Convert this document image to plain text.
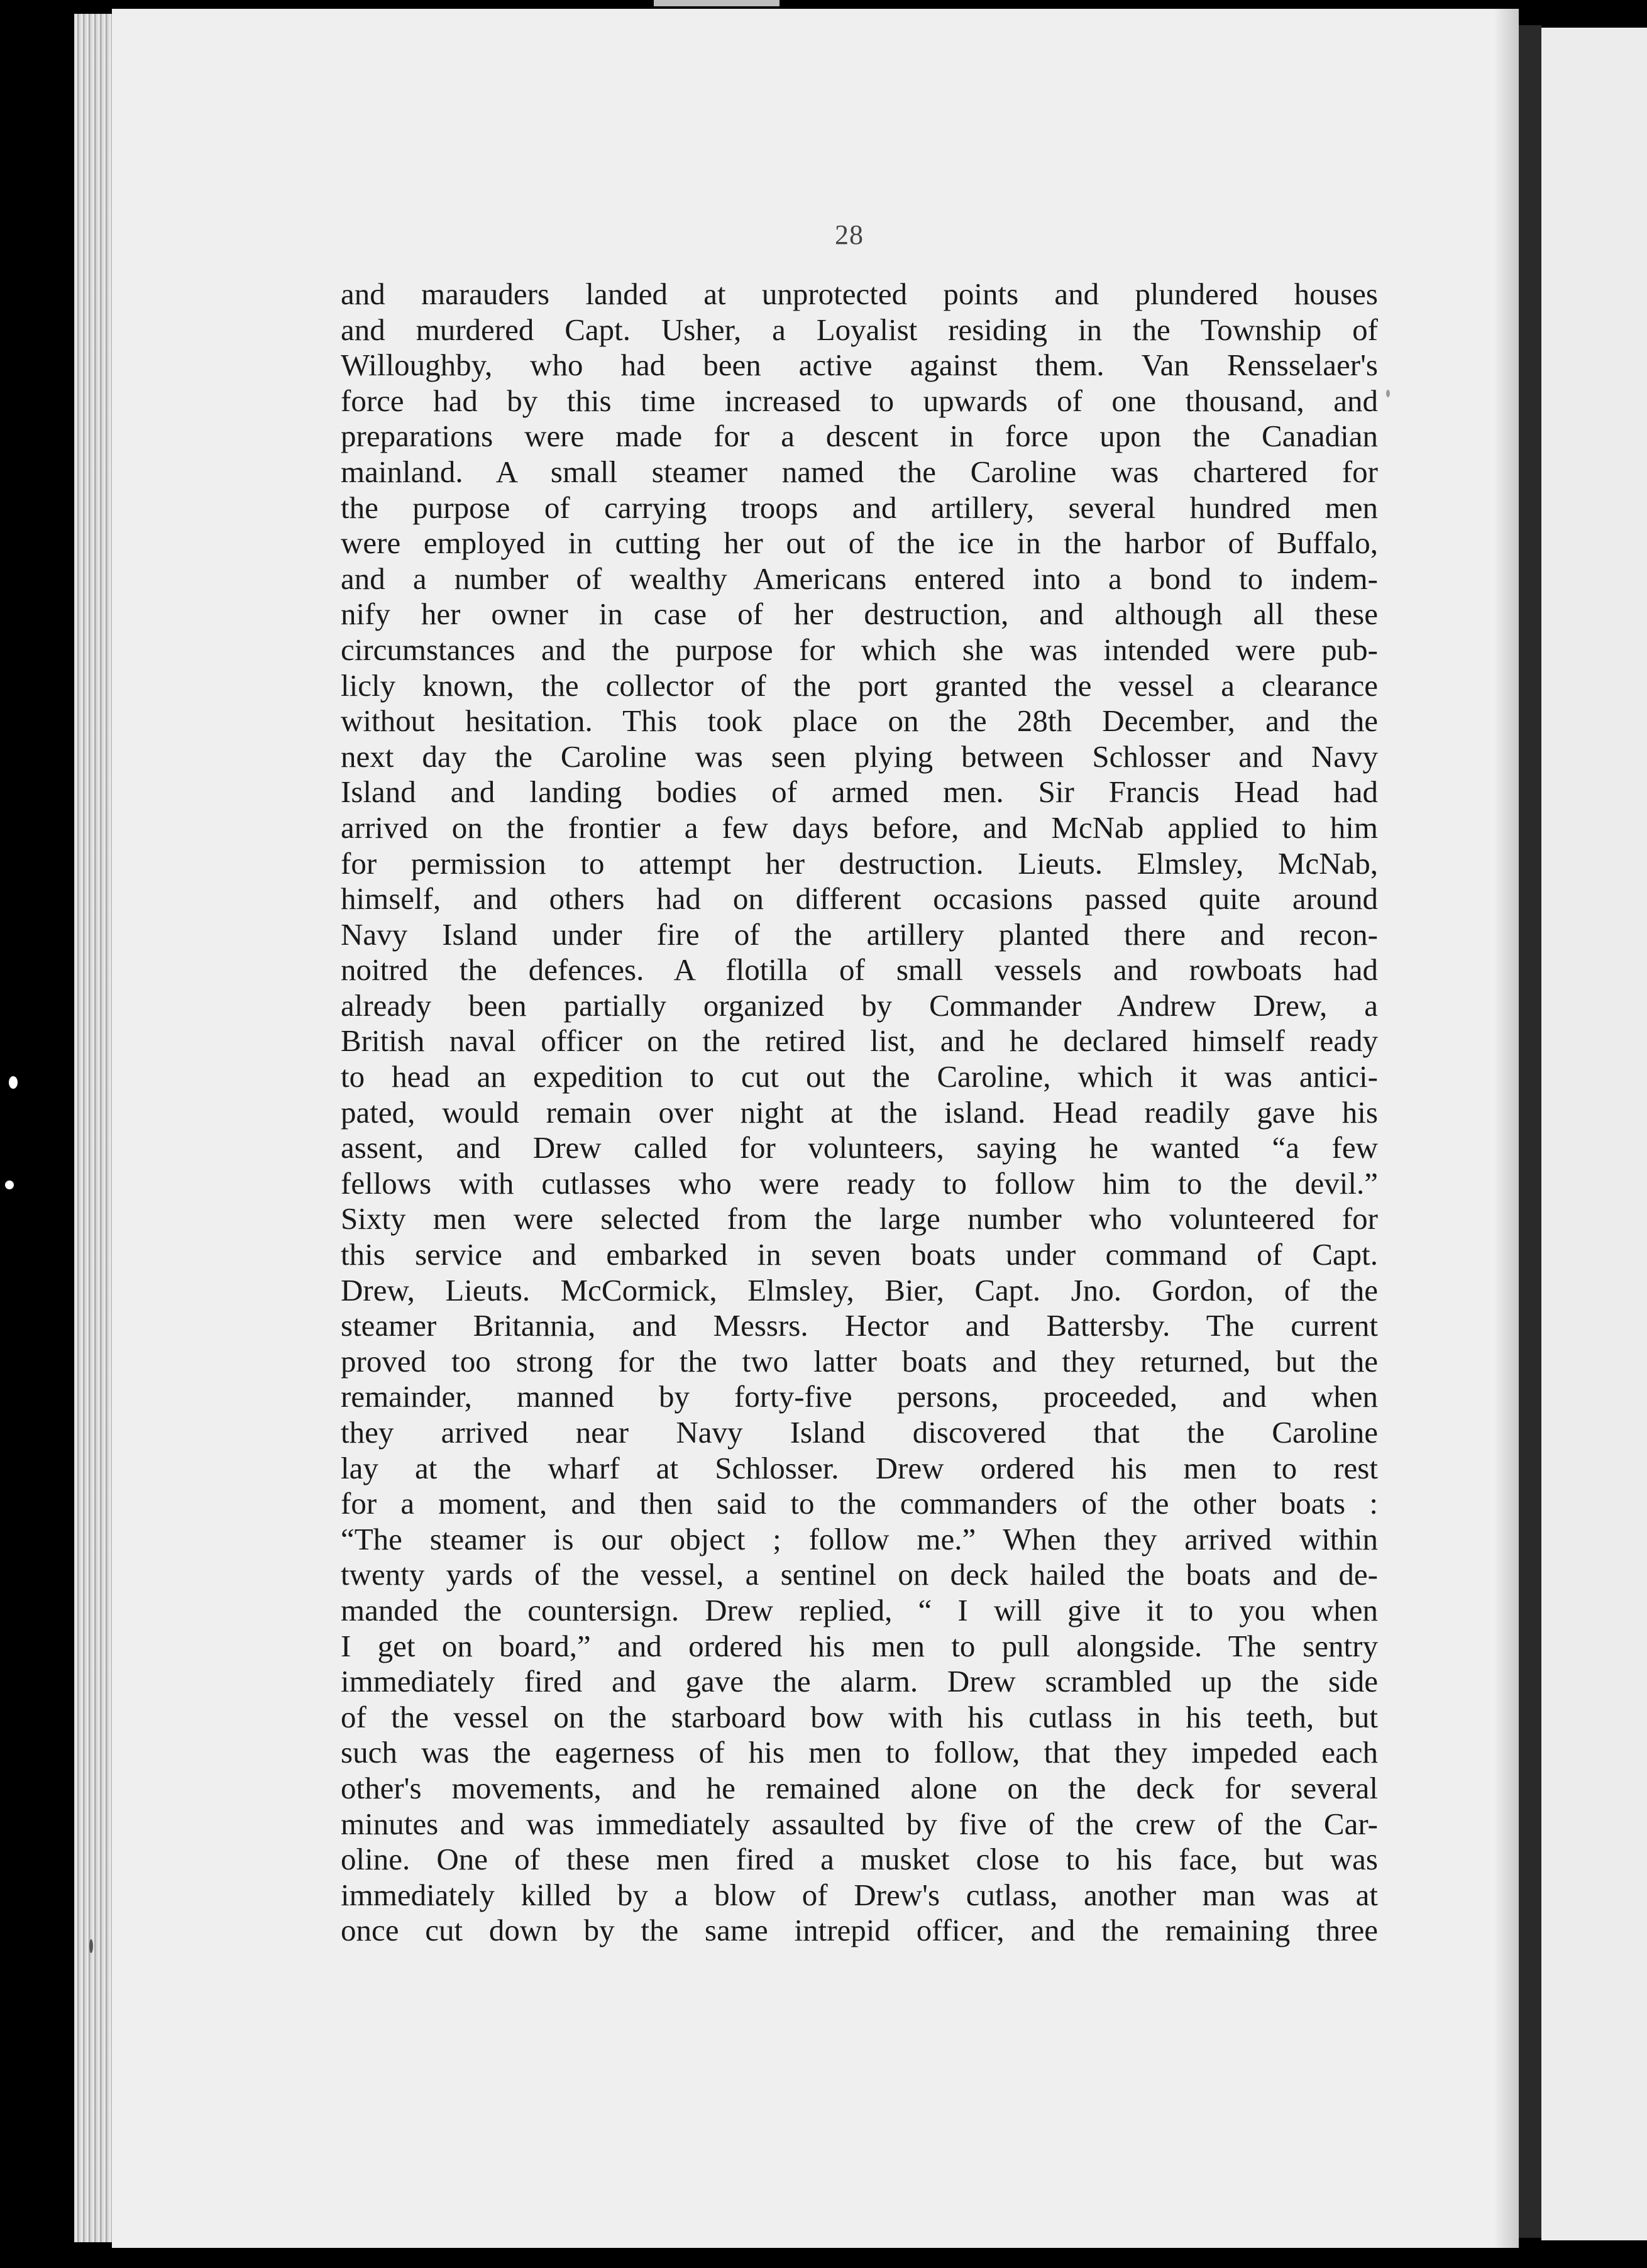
28
and marauders landed at unprotected points and plundered houses
and murdered Capt. Usher, a Loyalist residing in the Township of
Willoughby, who had been active against them. Van Rensselaer's
force had by this time increased to upwards of one thousand, and
preparations were made for a descent in force upon the Canadian
mainland. A small steamer named the Caroline was chartered for
the purpose of carrying troops and artillery, several hundred men
were employed in cutting her out of the ice in the harbor of Buffalo,
and a number of wealthy Americans entered into a bond to indem-
nify her owner in case of her destruction, and although all these
circumstances and the purpose for which she was intended were pub-
licly known, the collector of the port granted the vessel a clearance
without hesitation. This took place on the 28th December, and the
next day the Caroline was seen plying between Schlosser and Navy
Island and landing bodies of armed men. Sir Francis Head had
arrived on the frontier a few days before, and McNab applied to him
for permission to attempt her destruction. Lieuts. Elmsley, McNab,
himself, and others had on different occasions passed quite around
Navy Island under fire of the artillery planted there and recon-
noitred the defences. A flotilla of small vessels and rowboats had
already been partially organized by Commander Andrew Drew, a
British naval officer on the retired list, and he declared himself ready
to head an expedition to cut out the Caroline, which it was antici-
pated, would remain over night at the island. Head readily gave his
assent, and Drew called for volunteers, saying he wanted “a few
fellows with cutlasses who were ready to follow him to the devil.”
Sixty men were selected from the large number who volunteered for
this service and embarked in seven boats under command of Capt.
Drew, Lieuts. McCormick, Elmsley, Bier, Capt. Jno. Gordon, of the
steamer Britannia, and Messrs. Hector and Battersby. The current
proved too strong for the two latter boats and they returned, but the
remainder, manned by forty-five persons, proceeded, and when
they arrived near Navy Island discovered that the Caroline
lay at the wharf at Schlosser. Drew ordered his men to rest
for a moment, and then said to the commanders of the other boats :
“The steamer is our object ; follow me.” When they arrived within
twenty yards of the vessel, a sentinel on deck hailed the boats and de-
manded the countersign. Drew replied, “ I will give it to you when
I get on board,” and ordered his men to pull alongside. The sentry
immediately fired and gave the alarm. Drew scrambled up the side
of the vessel on the starboard bow with his cutlass in his teeth, but
such was the eagerness of his men to follow, that they impeded each
other's movements, and he remained alone on the deck for several
minutes and was immediately assaulted by five of the crew of the Car-
oline. One of these men fired a musket close to his face, but was
immediately killed by a blow of Drew's cutlass, another man was at
once cut down by the same intrepid officer, and the remaining three
